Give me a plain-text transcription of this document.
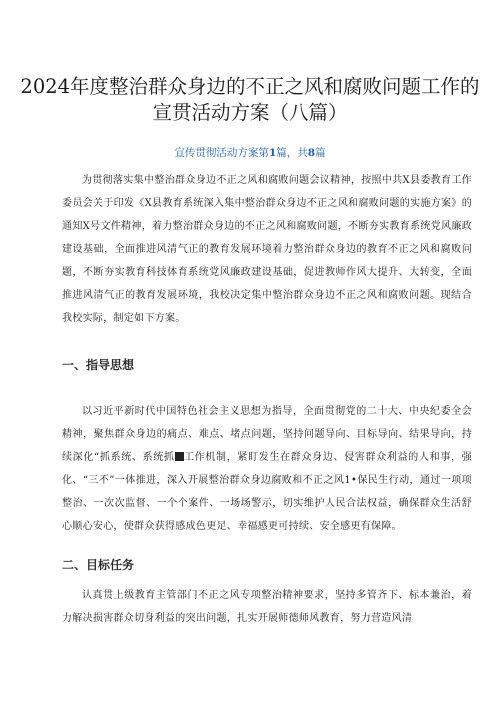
2024年度整治群众身边的不正之风和腐败问题工作的
宣贯活动方案（八篇）
宣传贯彻活动方案第1篇，共8篇
为贯彻落实集中整治群众身边不正之风和腐败问题会议精神，按照中共X县委教育工作委员会关于印发《X县教育系统深入集中整治群众身边不正之风和腐败问题的实施方案》的通知X号文件精神，着力整治群众身边的不正之风和腐败问题，不断夯实教育系统党风廉政建设基础，全面推进风清气正的教育发展环境着力整治群众身边的教育不正之风和腐败问题，不断夯实教育科技体育系统党风廉政建设基础，促进教师作风大提升、大转变，全面推进风清气正的教育发展环境，我校决定集中整治群众身边不正之风和腐败问题。现结合我校实际，制定如下方案。
一、指导思想
以习近平新时代中国特色社会主义思想为指导，全面贯彻党的二十大、中央纪委全会精神，聚焦群众身边的痛点、难点、堵点问题，坚持问题导向、目标导向、结果导向，持续深化“抓系统、系统抓 工作机制，紧盯发生在群众身边、侵害群众利益的人和事，强化、“三不”一体推进，深入开展整治群众身边腐败和不正之风1•保民生行动，通过一项项整治、一次次监督、一个个案件、一场场警示，切实维护人民合法权益，确保群众生活舒心顺心安心，使群众获得感成色更足、幸福感更可持续、安全感更有保障。
二、目标任务
认真贯上级教育主管部门不正之风专项整治精神要求，坚持多管齐下、标本兼治，着力解决损害群众切身利益的突出问题，扎实开展师德师风教育，努力营造风清
